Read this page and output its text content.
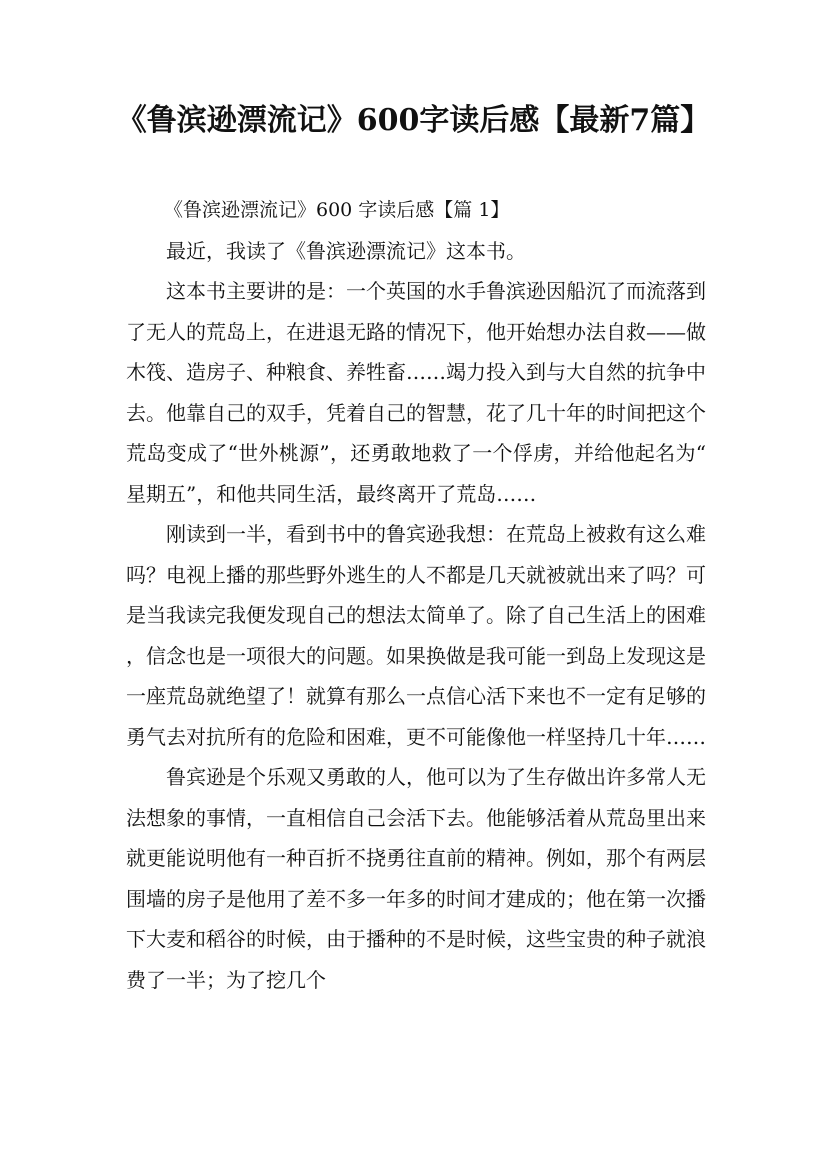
《鲁滨逊漂流记》600字读后感【最新7篇】

《鲁滨逊漂流记》600 字读后感【篇 1】

最近，我读了《鲁滨逊漂流记》这本书。

这本书主要讲的是：一个英国的水手鲁滨逊因船沉了而流落到了无人的荒岛上，在进退无路的情况下，他开始想办法自救——做木筏、造房子、种粮食、养牲畜……竭力投入到与大自然的抗争中去。他靠自己的双手，凭着自己的智慧，花了几十年的时间把这个荒岛变成了“世外桃源”，还勇敢地救了一个俘虏，并给他起名为“星期五”，和他共同生活，最终离开了荒岛……

刚读到一半，看到书中的鲁宾逊我想：在荒岛上被救有这么难吗？电视上播的那些野外逃生的人不都是几天就被就出来了吗？可是当我读完我便发现自己的想法太简单了。除了自己生活上的困难，信念也是一项很大的问题。如果换做是我可能一到岛上发现这是一座荒岛就绝望了！就算有那么一点信心活下来也不一定有足够的勇气去对抗所有的危险和困难，更不可能像他一样坚持几十年……

鲁宾逊是个乐观又勇敢的人，他可以为了生存做出许多常人无法想象的事情，一直相信自己会活下去。他能够活着从荒岛里出来就更能说明他有一种百折不挠勇往直前的精神。例如，那个有两层围墙的房子是他用了差不多一年多的时间才建成的；他在第一次播下大麦和稻谷的时候，由于播种的不是时候，这些宝贵的种子就浪费了一半；为了挖几个
